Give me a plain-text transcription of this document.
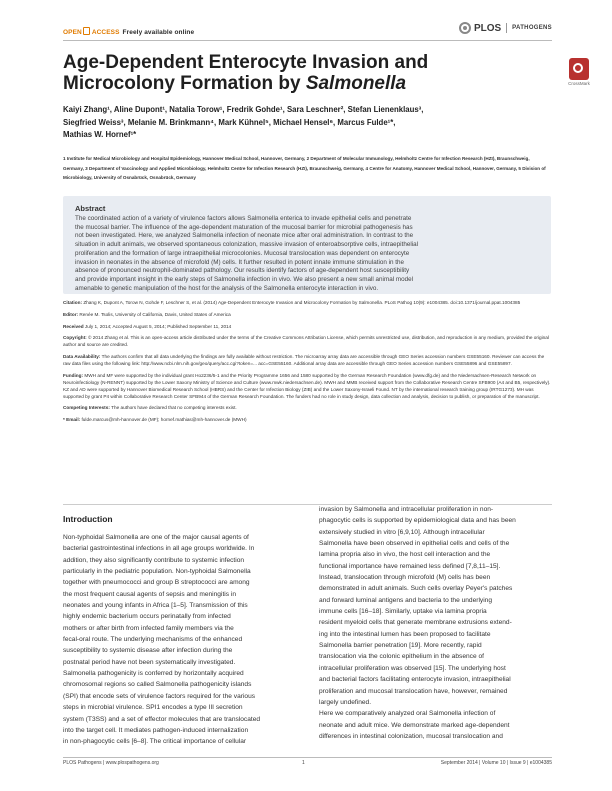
OPEN ACCESS Freely available online	PLOS PATHOGENS
Age-Dependent Enterocyte Invasion and Microcolony Formation by Salmonella	CrossMark
Kaiyi Zhang¹, Aline Dupont¹, Natalia Torow¹, Fredrik Gohde¹, Sara Leschner², Stefan Lienenklaus³,
Siegfried Weiss³, Melanie M. Brinkmann⁴, Mark Kühnel⁵, Michael Hensel⁶, Marcus Fulde¹*,
Mathias W. Hornef¹*
1 Institute for Medical Microbiology and Hospital Epidemiology, Hannover Medical School, Hannover, Germany, 2 Department of Molecular Immunology, Helmholtz Centre for Infection Research (HZI), Braunschweig, Germany, 3 Department of Vaccinology and Applied Microbiology, Helmholtz Centre for Infection Research (HZI), Braunschweig, Germany, 4 Centre for Anatomy, Hannover Medical School, Hannover, Germany, 5 Division of Microbiology, University of Osnabrück, Osnabrück, Germany
Abstract
The coordinated action of a variety of virulence factors allows Salmonella enterica to invade epithelial cells and penetrate
the mucosal barrier. The influence of the age-dependent maturation of the mucosal barrier for microbial pathogenesis has
not been investigated. Here, we analyzed Salmonella infection of neonate mice after oral administration. In contrast to the
situation in adult animals, we observed spontaneous colonization, massive invasion of enteroabsorptive cells, intraepithelial
proliferation and the formation of large intraepithelial microcolonies. Mucosal translocation was dependent on enterocyte
invasion in neonates in the absence of microfold (M) cells. It further resulted in potent innate immune stimulation in the
absence of pronounced neutrophil-dominated pathology. Our results identify factors of age-dependent host susceptibility
and provide important insight in the early steps of Salmonella infection in vivo. We also present a new small animal model
amenable to genetic manipulation of the host for the analysis of the Salmonella enterocyte interaction in vivo.

Citation: Zhang K, Dupont A, Torow N, Gohde F, Leschner S, et al. (2014) Age-Dependent Enterocyte Invasion and Microcolony Formation by Salmonella. PLoS Pathog 10(9): e1004385. doi:10.1371/journal.ppat.1004385

Editor: Renée M. Tsolis, University of California, Davis, United States of America

Received July 1, 2014; Accepted August 5, 2014; Published September 11, 2014

Copyright: © 2014 Zhang et al. This is an open-access article distributed under the terms of the Creative Commons Attribution License, which permits unrestricted use, distribution, and reproduction in any medium, provided the original author and source are credited.

Data Availability: The authors confirm that all data underlying the findings are fully available without restriction. The microarray array data are accessible through GEO Series accession numbers GSE55160. Reviewer can access the raw data files using the following link: http://www.ncbi.nlm.nih.gov/geo/query/acc.cgi?token=... acc=GSE55160. Additional array data are accessible through GEO Series accession numbers GSE55896 and GSE55897.

Funding: MWH and MF were supported by the individual grant Ho2236/5-1 and the Priority Programme 1656 and 1580 supported by the German Research Foundation (www.dfg.de) and the Niedersachsen-Research Network on Neuroinfectiology (N-RENNT) supported by the Lower Saxony Ministry of Science and Culture (www.mwk.niedersachsen.de). MWH and MMB received support from the Collaborative Research Centre SFB900 (A4 and B5, respectively). KZ and AD were supported by Hannover Biomedical Research School (HBRS) and the Center for Infection Biology (ZIB) and the Lower Saxony-Israeli Found. NT by the international research training group (IRTG1273). MH was supported by grant P4 within Collaborative Research Center SFB944 of the German Research Foundation. The funders had no role in study design, data collection and analysis, decision to publish, or preparation of the manuscript.

Competing Interests: The authors have declared that no competing interests exist.

* Email: fulde.marcus@mh-hannover.de (MF); hornef.mathias@mh-hannover.de (MWH)

Introduction
Non-typhoidal Salmonella are one of the major causal agents of
bacterial gastrointestinal infections in all age groups worldwide. In
addition, they also significantly contribute to systemic infection
particularly in the pediatric population. Non-typhoidal Salmonella
together with pneumococci and group B streptococci are among
the most frequent causal agents of sepsis and meningitis in
neonates and young infants in Africa [1–5]. Transmission of this
highly endemic bacterium occurs perinatally from infected
mothers or after birth from infected family members via the
fecal-oral route. The underlying mechanisms of the enhanced
susceptibility to systemic disease after infection during the
postnatal period have not been systematically investigated.
Salmonella pathogenicity is conferred by horizontally acquired
chromosomal regions so called Salmonella pathogenicity islands
(SPI) that encode sets of virulence factors required for the various
steps in microbial virulence. SPI1 encodes a type III secretion
system (T3SS) and a set of effector molecules that are translocated
into the target cell. It mediates pathogen-induced internalization
in non-phagocytic cells [6–8]. The critical importance of cellular
invasion by Salmonella and intracellular proliferation in non-
phagocytic cells is supported by epidemiological data and has been
extensively studied in vitro [6,9,10]. Although intracellular
Salmonella have been observed in epithelial cells and cells of the
lamina propria also in vivo, the host cell interaction and the
functional importance have remained less defined [7,8,11–15].
Instead, translocation through microfold (M) cells has been
demonstrated in adult animals. Such cells overlay Peyer's patches
and forward luminal antigens and bacteria to the underlying
immune cells [16–18]. Similarly, uptake via lamina propria
resident myeloid cells that generate membrane extrusions extend-
ing into the intestinal lumen has been proposed to facilitate
Salmonella barrier penetration [19]. More recently, rapid
translocation via the colonic epithelium in the absence of
intracellular proliferation was observed [15]. The underlying host
and bacterial factors facilitating enterocyte invasion, intraepithelial
proliferation and mucosal translocation have, however, remained
largely undefined.
Here we comparatively analyzed oral Salmonella infection of
neonate and adult mice. We demonstrate marked age-dependent
differences in intestinal colonization, mucosal translocation and
PLOS Pathogens | www.plospathogens.org	1	September 2014 | Volume 10 | Issue 9 | e1004385
